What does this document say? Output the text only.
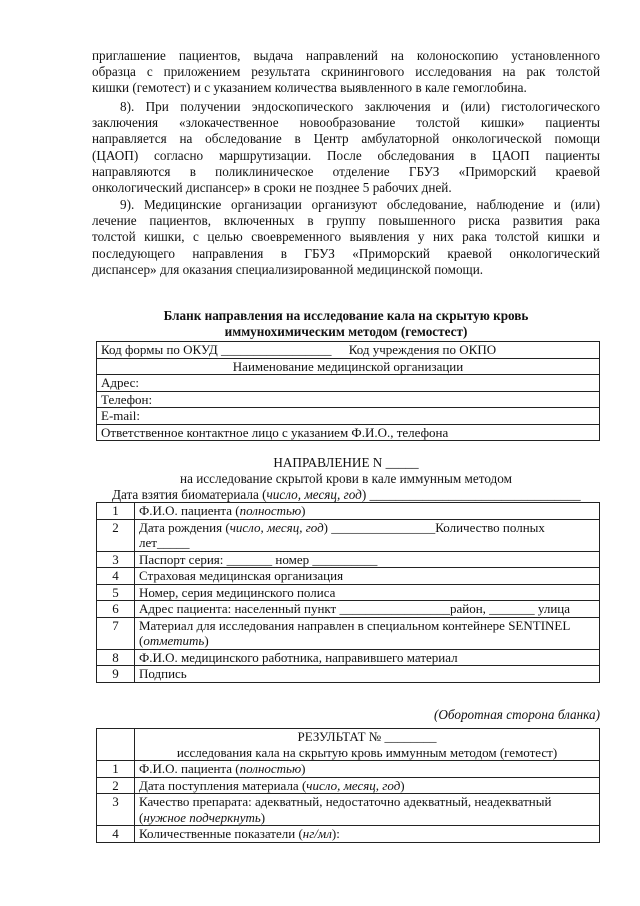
приглашение пациентов, выдача направлений на колоноскопию установленного
образца с приложением результата скринингового исследования на рак толстой
кишки (гемотест) и с указанием количества выявленного в кале гемоглобина.
8). При получении эндоскопического заключения и (или) гистологического
заключения «злокачественное новообразование толстой кишки» пациенты
направляется на обследование в Центр амбулаторной онкологической помощи
(ЦАОП) согласно маршрутизации. После обследования в ЦАОП пациенты
направляются в поликлиническое отделение ГБУЗ «Приморский краевой
онкологический диспансер» в сроки не позднее 5 рабочих дней.
9). Медицинские организации организуют обследование, наблюдение и (или)
лечение пациентов, включенных в группу повышенного риска развития рака
толстой кишки, с целью своевременного выявления у них рака толстой кишки и
последующего направления в ГБУЗ «Приморский краевой онкологический
диспансер» для оказания специализированной медицинской помощи.
Бланк направления на исследование кала на скрытую кровь
иммунохимическим методом (гемостест)
Код формы по ОКУД _________________ Код учреждения по ОКПО
Наименование медицинской организации
Адрес:
Телефон:
E-mail:
Ответственное контактное лицо с указанием Ф.И.О., телефона
НАПРАВЛЕНИЕ N _____
на исследование скрытой крови в кале иммунным методом
Дата взятия биоматериала (число, месяц, год) ________________________________
1	Ф.И.О. пациента (полностью)
2	Дата рождения (число, месяц, год) ________________Количество полных лет_____
3	Паспорт серия: _______ номер __________
4	Страховая медицинская организация
5	Номер, серия медицинского полиса
6	Адрес пациента: населенный пункт _________________район, _______ улица
7	Материал для исследования направлен в специальном контейнере SENTINEL (отметить)
8	Ф.И.О. медицинского работника, направившего материал
9	Подпись
(Оборотная сторона бланка)

	РЕЗУЛЬТАТ № ________
исследования кала на скрытую кровь иммунным методом (гемотест)

1	Ф.И.О. пациента (полностью)
2	Дата поступления материала (число, месяц, год)
3	Качество препарата: адекватный, недостаточно адекватный, неадекватный (нужное подчеркнуть)
4	Количественные показатели (нг/мл):
